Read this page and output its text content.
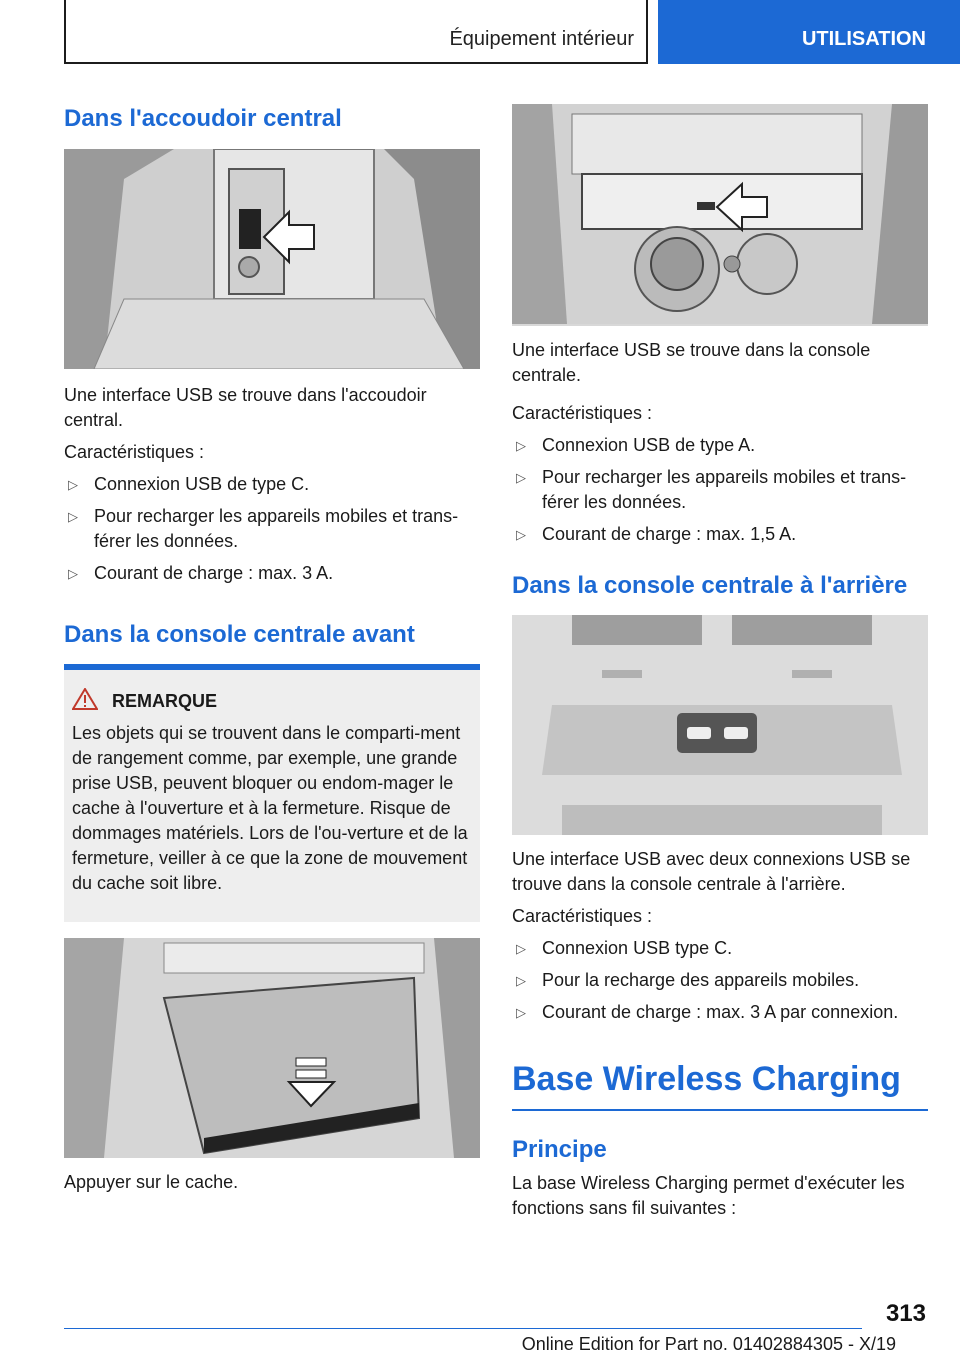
Équipement intérieur	UTILISATION
Dans l'accoudoir central

Une interface USB se trouve dans l'accoudoir central.

Caractéristiques :

▷ Connexion USB de type C.
▷ Pour recharger les appareils mobiles et trans-férer les données.
▷ Courant de charge : max. 3 A.
Dans la console centrale avant
REMARQUE

Les objets qui se trouvent dans le comparti-ment de rangement comme, par exemple, une grande prise USB, peuvent bloquer ou endom-mager le cache à l'ouverture et à la fermeture. Risque de dommages matériels. Lors de l'ou-verture et de la fermeture, veiller à ce que la zone de mouvement du cache soit libre.

Appuyer sur le cache.

Une interface USB se trouve dans la console centrale.

Caractéristiques :

▷ Connexion USB de type A.
▷ Pour recharger les appareils mobiles et trans-férer les données.
▷ Courant de charge : max. 1,5 A.
Dans la console centrale à l'arrière

Une interface USB avec deux connexions USB se trouve dans la console centrale à l'arrière.

Caractéristiques :

▷ Connexion USB type C.
▷ Pour la recharge des appareils mobiles.
▷ Courant de charge : max. 3 A par connexion.
Base Wireless Charging
Principe

La base Wireless Charging permet d'exécuter les fonctions sans fil suivantes :

313
Online Edition for Part no. 01402884305 - X/19
